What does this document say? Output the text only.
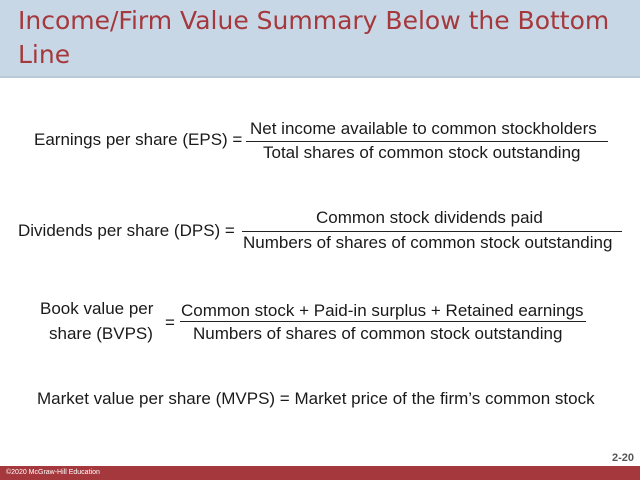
Income/Firm Value Summary Below the Bottom Line
Earnings per share (EPS) =
Net income available to common stockholders
Total shares of common stock outstanding
Dividends per share (DPS) =
Common stock dividends paid
Numbers of shares of common stock outstanding
Book value per
share (BVPS)
=
Common stock + Paid-in surplus + Retained earnings
Numbers of shares of common stock outstanding
Market value per share (MVPS) = Market price of the firm’s common stock
2-20
©2020 McGraw-Hill Education
